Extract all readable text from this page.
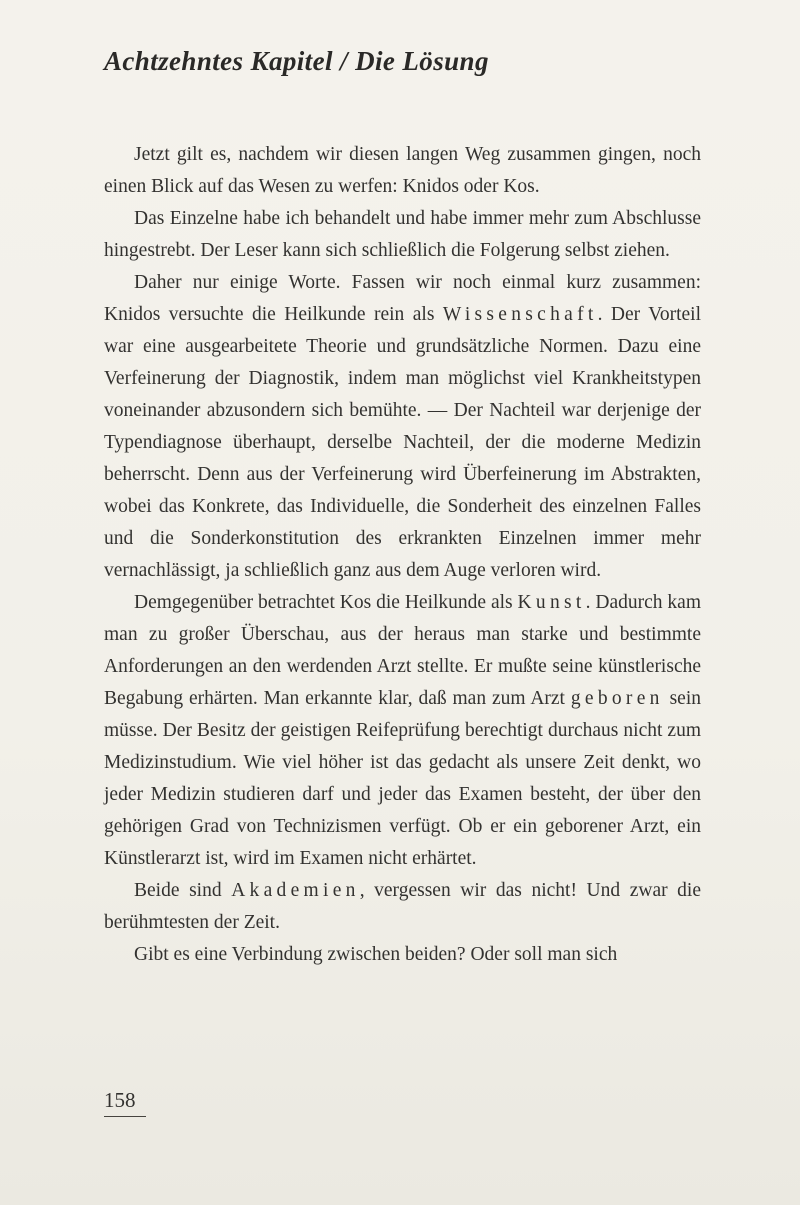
Achtzehntes Kapitel / Die Lösung

Jetzt gilt es, nachdem wir diesen langen Weg zusammen gingen, noch einen Blick auf das Wesen zu werfen: Knidos oder Kos.

Das Einzelne habe ich behandelt und habe immer mehr zum Abschlusse hingestrebt. Der Leser kann sich schließlich die Folgerung selbst ziehen.

Daher nur einige Worte. Fassen wir noch einmal kurz zusammen: Knidos versuchte die Heilkunde rein als Wissenschaft. Der Vorteil war eine ausgearbeitete Theorie und grundsätzliche Normen. Dazu eine Verfeinerung der Diagnostik, indem man möglichst viel Krankheitstypen voneinander abzusondern sich bemühte. — Der Nachteil war derjenige der Typendiagnose überhaupt, derselbe Nachteil, der die moderne Medizin beherrscht. Denn aus der Verfeinerung wird Überfeinerung im Abstrakten, wobei das Konkrete, das Individuelle, die Sonderheit des einzelnen Falles und die Sonderkonstitution des erkrankten Einzelnen immer mehr vernachlässigt, ja schließlich ganz aus dem Auge verloren wird.

Demgegenüber betrachtet Kos die Heilkunde als Kunst. Dadurch kam man zu großer Überschau, aus der heraus man starke und bestimmte Anforderungen an den werdenden Arzt stellte. Er mußte seine künstlerische Begabung erhärten. Man erkannte klar, daß man zum Arzt geboren sein müsse. Der Besitz der geistigen Reifeprüfung berechtigt durchaus nicht zum Medizinstudium. Wie viel höher ist das gedacht als unsere Zeit denkt, wo jeder Medizin studieren darf und jeder das Examen besteht, der über den gehörigen Grad von Technizismen verfügt. Ob er ein geborener Arzt, ein Künstlerarzt ist, wird im Examen nicht erhärtet.

Beide sind Akademien, vergessen wir das nicht! Und zwar die berühmtesten der Zeit.

Gibt es eine Verbindung zwischen beiden? Oder soll man sich

158
